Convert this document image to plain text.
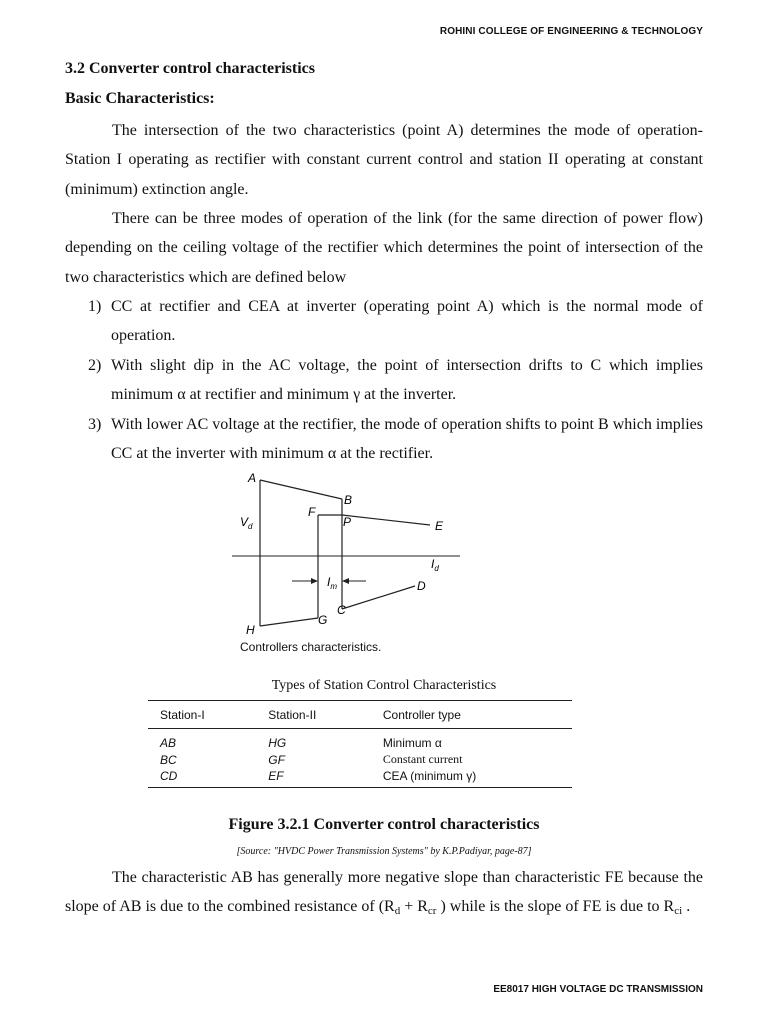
ROHINI COLLEGE OF ENGINEERING & TECHNOLOGY
3.2 Converter control characteristics
Basic Characteristics:
The intersection of the two characteristics (point A) determines the mode of operation-Station I operating as rectifier with constant current control and station II operating at constant (minimum) extinction angle.
There can be three modes of operation of the link (for the same direction of power flow) depending on the ceiling voltage of the rectifier which determines the point of intersection of the two characteristics which are defined below
1) CC at rectifier and CEA at inverter (operating point A) which is the normal mode of operation.
2) With slight dip in the AC voltage, the point of intersection drifts to C which implies minimum α at rectifier and minimum γ at the inverter.
3) With lower AC voltage at the rectifier, the mode of operation shifts to point B which implies CC at the inverter with minimum α at the rectifier.
A
B
F
P	E
$V_d$
$I_d$
$I_m$	D
C
G
H
Controllers characteristics.
Types of Station Control Characteristics
Station-I	Station-II	Controller type
AB	HG	Minimum α
BC	GF	Constant current
CD	EF	CEA (minimum γ)
Figure 3.2.1 Converter control characteristics
[Source: "HVDC Power Transmission Systems" by K.P.Padiyar, page-87]
The characteristic AB has generally more negative slope than characteristic FE because the slope of AB is due to the combined resistance of ($R_d + R_{cr}$ ) while is the slope of FE is due to $R_{ci}$ .
EE8017 HIGH VOLTAGE DC TRANSMISSION
